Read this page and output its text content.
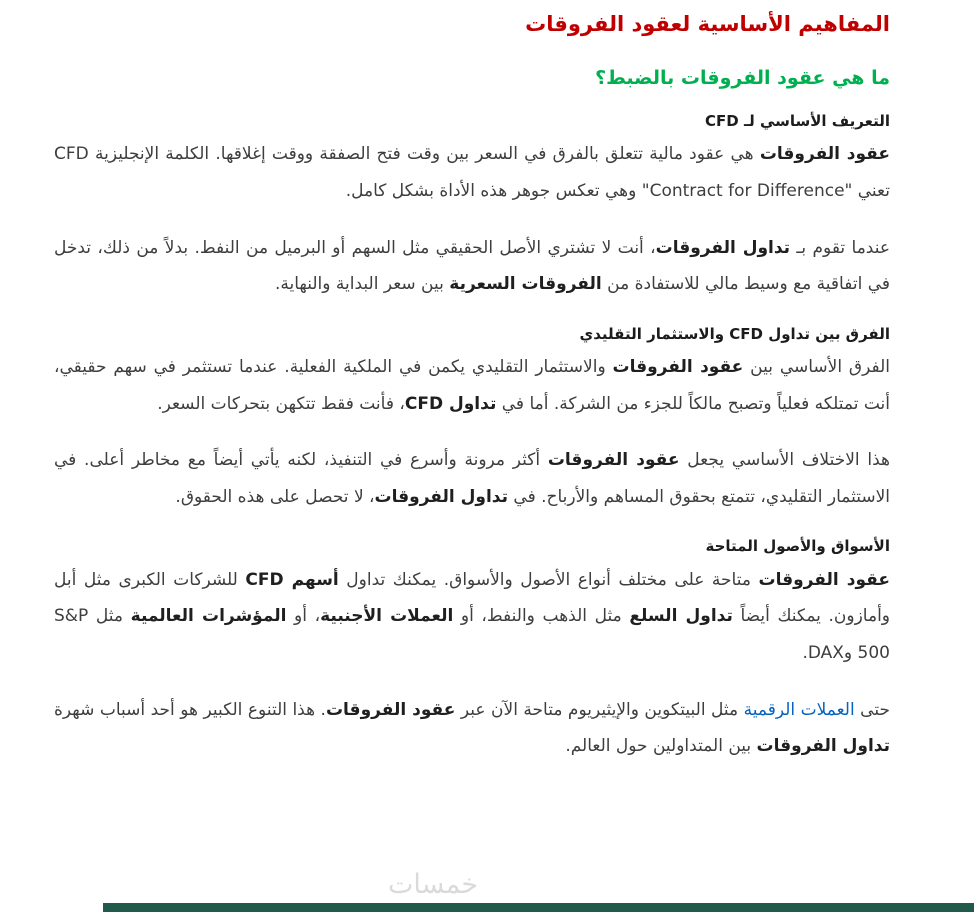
المفاهيم الأساسية لعقود الفروقات
ما هي عقود الفروقات بالضبط؟
التعريف الأساسي لـ CFD

عقود الفروقات هي عقود مالية تتعلق بالفرق في السعر بين وقت فتح الصفقة ووقت إغلاقها. الكلمة الإنجليزية CFD تعني "Contract for Difference" وهي تعكس جوهر هذه الأداة بشكل كامل.

عندما تقوم بـ تداول الفروقات، أنت لا تشتري الأصل الحقيقي مثل السهم أو البرميل من النفط. بدلاً من ذلك، تدخل في اتفاقية مع وسيط مالي للاستفادة من الفروقات السعرية بين سعر البداية والنهاية.

الفرق بين تداول CFD والاستثمار التقليدي

الفرق الأساسي بين عقود الفروقات والاستثمار التقليدي يكمن في الملكية الفعلية. عندما تستثمر في سهم حقيقي، أنت تمتلكه فعلياً وتصبح مالكاً للجزء من الشركة. أما في تداول CFD، فأنت فقط تتكهن بتحركات السعر.

هذا الاختلاف الأساسي يجعل عقود الفروقات أكثر مرونة وأسرع في التنفيذ، لكنه يأتي أيضاً مع مخاطر أعلى. في الاستثمار التقليدي، تتمتع بحقوق المساهم والأرباح. في تداول الفروقات، لا تحصل على هذه الحقوق.

الأسواق والأصول المتاحة

عقود الفروقات متاحة على مختلف أنواع الأصول والأسواق. يمكنك تداول أسهم CFD للشركات الكبرى مثل أبل وأمازون. يمكنك أيضاً تداول السلع مثل الذهب والنفط، أو العملات الأجنبية، أو المؤشرات العالمية مثل S&P 500 وDAX.

حتى العملات الرقمية مثل البيتكوين والإيثيريوم متاحة الآن عبر عقود الفروقات. هذا التنوع الكبير هو أحد أسباب شهرة تداول الفروقات بين المتداولين حول العالم.

خمسات
